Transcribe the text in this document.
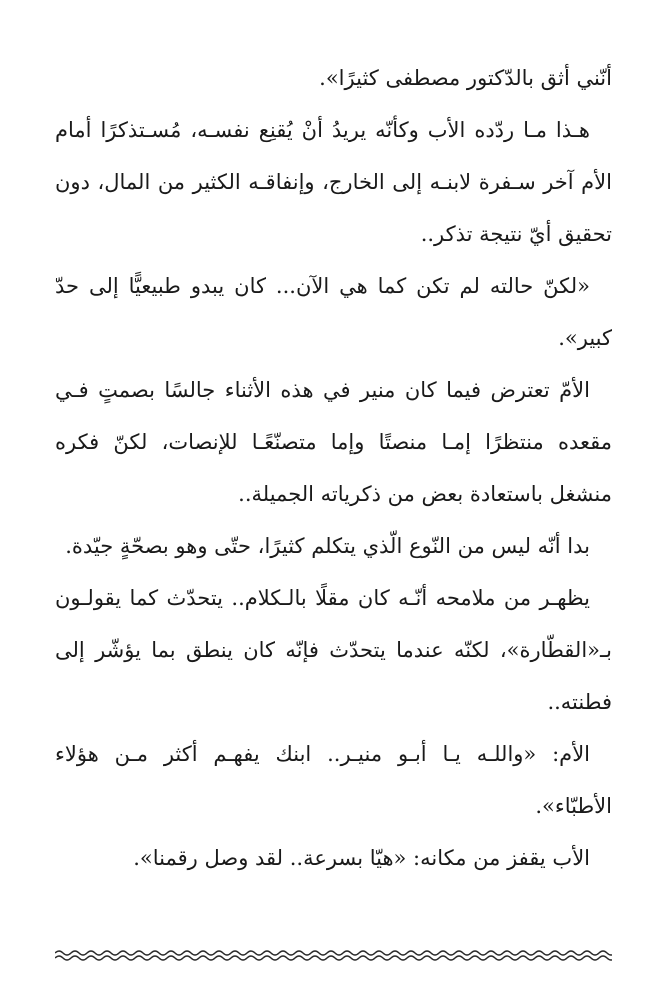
أنّني أثق بالدّكتور مصطفى كثيرًا».

هـذا مـا ردّده الأب وكأنّه يريدُ أنْ يُقنِع نفسـه، مُسـتذكرًا أمام الأم آخر سـفرة لابنـه إلى الخارج، وإنفاقـه الكثير من المال، دون تحقيق أيّ نتيجة تذكر..

«لكنّ حالته لم تكن كما هي الآن... كان يبدو طبيعيًّا إلى حدّ كبير».

الأمّ تعترض فيما كان منير في هذه الأثناء جالسًا بصمتٍ فـي مقعده منتظرًا إمـا منصتًا وإما متصنّعًـا للإنصات، لكنّ فكره منشغل باستعادة بعض من ذكرياته الجميلة..

بدا أنّه ليس من النّوع الّذي يتكلم كثيرًا، حتّى وهو بصحّةٍ جيّدة.

يظهـر من ملامحه أنّـه كان مقلًا بالـكلام.. يتحدّث كما يقولـون بـ«القطّارة»، لكنّه عندما يتحدّث فإنّه كان ينطق بما يؤشّر إلى فطنته..

الأم: «واللـه يـا أبـو منيـر.. ابنك يفهـم أكثر مـن هؤلاء الأطبّاء».

الأب يقفز من مكانه: «هيّا بسرعة.. لقد وصل رقمنا».
